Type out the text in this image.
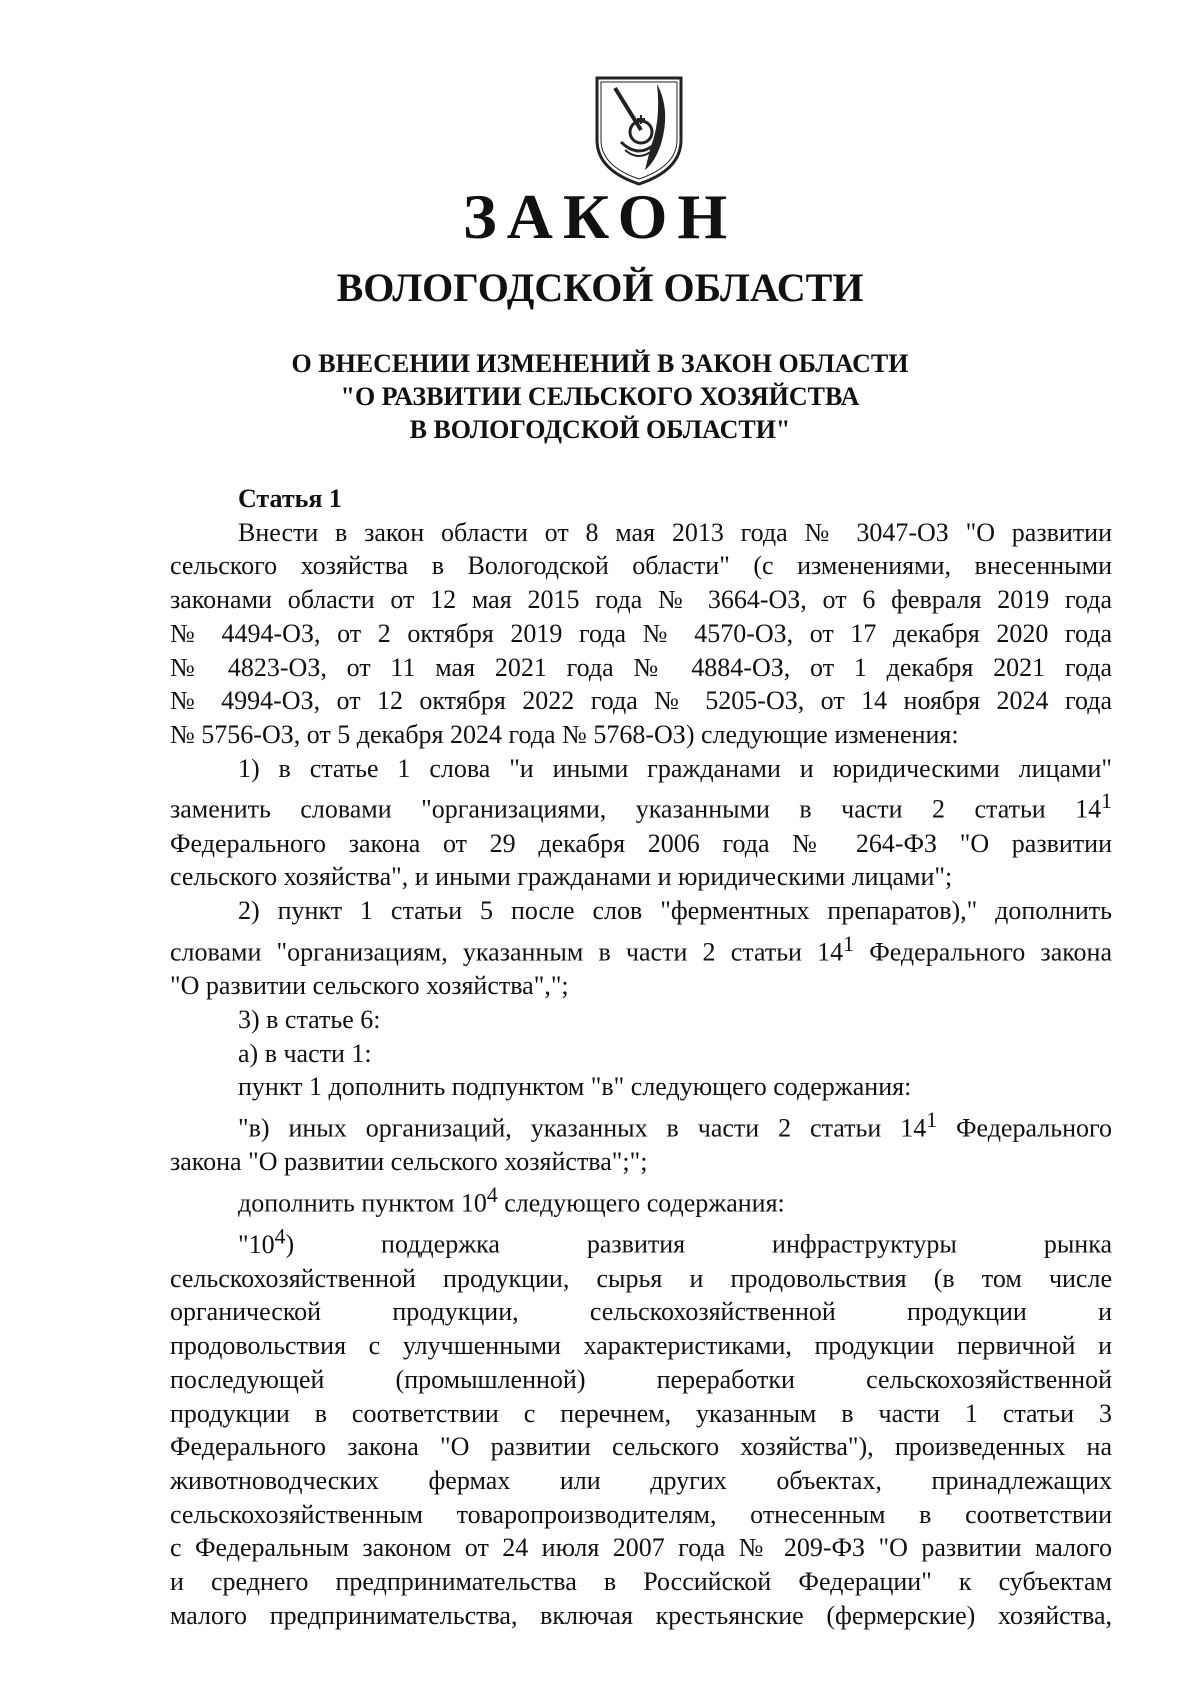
ЗАКОН
ВОЛОГОДСКОЙ ОБЛАСТИ
О ВНЕСЕНИИ ИЗМЕНЕНИЙ В ЗАКОН ОБЛАСТИ
"О РАЗВИТИИ СЕЛЬСКОГО ХОЗЯЙСТВА
В ВОЛОГОДСКОЙ ОБЛАСТИ"
Статья 1
Внести в закон области от 8 мая 2013 года № 3047-ОЗ "О развитии
сельского хозяйства в Вологодской области" (с изменениями, внесенными
законами области от 12 мая 2015 года № 3664-ОЗ, от 6 февраля 2019 года
№ 4494-ОЗ, от 2 октября 2019 года № 4570-ОЗ, от 17 декабря 2020 года
№ 4823-ОЗ, от 11 мая 2021 года № 4884-ОЗ, от 1 декабря 2021 года
№ 4994-ОЗ, от 12 октября 2022 года № 5205-ОЗ, от 14 ноября 2024 года
№ 5756-ОЗ, от 5 декабря 2024 года № 5768-ОЗ) следующие изменения:
1) в статье 1 слова "и иными гражданами и юридическими лицами"
заменить словами "организациями, указанными в части 2 статьи $14^1$
Федерального закона от 29 декабря 2006 года № 264-ФЗ "О развитии
сельского хозяйства", и иными гражданами и юридическими лицами";
2) пункт 1 статьи 5 после слов "ферментных препаратов)," дополнить
словами "организациям, указанным в части 2 статьи $14^1$ Федерального закона
"О развитии сельского хозяйства",";
3) в статье 6:
а) в части 1:
пункт 1 дополнить подпунктом "в" следующего содержания:
"в) иных организаций, указанных в части 2 статьи $14^1$ Федерального
закона "О развитии сельского хозяйства";";
дополнить пунктом $10^4$ следующего содержания:
"$10^4$) поддержка развития инфраструктуры рынка
сельскохозяйственной продукции, сырья и продовольствия (в том числе
органической продукции, сельскохозяйственной продукции и
продовольствия с улучшенными характеристиками, продукции первичной и
последующей (промышленной) переработки сельскохозяйственной
продукции в соответствии с перечнем, указанным в части 1 статьи 3
Федерального закона "О развитии сельского хозяйства"), произведенных на
животноводческих фермах или других объектах, принадлежащих
сельскохозяйственным товаропроизводителям, отнесенным в соответствии
с Федеральным законом от 24 июля 2007 года № 209-ФЗ "О развитии малого
и среднего предпринимательства в Российской Федерации" к субъектам
малого предпринимательства, включая крестьянские (фермерские) хозяйства,
